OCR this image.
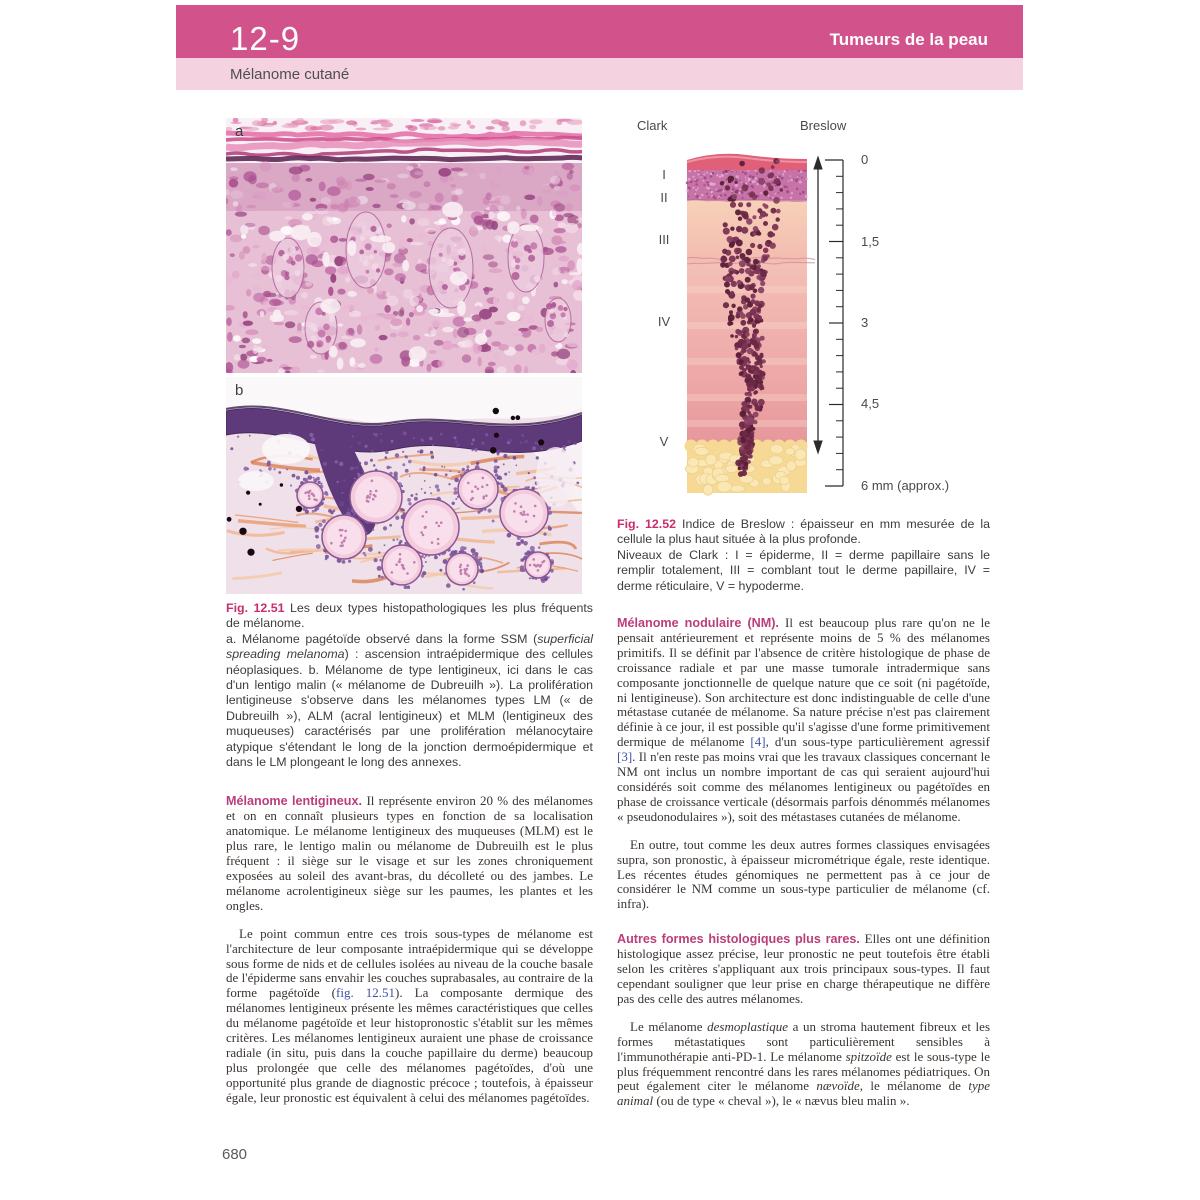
12-9	Tumeurs de la peau
Mélanome cutané
a
b

Fig. 12.51 Les deux types histopathologiques les plus fréquents de mélanome.

a. Mélanome pagétoïde observé dans la forme SSM (superficial spreading melanoma) : ascension intraépidermique des cellules néoplasiques. b. Mélanome de type lentigineux, ici dans le cas d'un lentigo malin (« mélanome de Dubreuilh »). La prolifération lentigineuse s'observe dans les mélanomes types LM (« de Dubreuilh »), ALM (acral lentigineux) et MLM (lentigineux des muqueuses) caractérisés par une prolifération mélanocytaire atypique s'étendant le long de la jonction dermoépidermique et dans le LM plongeant le long des annexes.

Mélanome lentigineux. Il représente environ 20 % des mélanomes et on en connaît plusieurs types en fonction de sa localisation anatomique. Le mélanome lentigineux des muqueuses (MLM) est le plus rare, le lentigo malin ou mélanome de Dubreuilh est le plus fréquent : il siège sur le visage et sur les zones chroniquement exposées au soleil des avant-bras, du décolleté ou des jambes. Le mélanome acrolentigineux siège sur les paumes, les plantes et les ongles.

Le point commun entre ces trois sous-types de mélanome est l'architecture de leur composante intraépidermique qui se développe sous forme de nids et de cellules isolées au niveau de la couche basale de l'épiderme sans envahir les couches suprabasales, au contraire de la forme pagétoïde (fig. 12.51). La composante dermique des mélanomes lentigineux présente les mêmes caractéristiques que celles du mélanome pagétoïde et leur histopronostic s'établit sur les mêmes critères. Les mélanomes lentigineux auraient une phase de croissance radiale (in situ, puis dans la couche papillaire du derme) beaucoup plus prolongée que celle des mélanomes pagétoïdes, d'où une opportunité plus grande de diagnostic précoce ; toutefois, à épaisseur égale, leur pronostic est équivalent à celui des mélanomes pagétoïdes.

Clark	Breslow
I
II
III
IV
V
0
1,5
3
4,5
6 mm (approx.)

Fig. 12.52 Indice de Breslow : épaisseur en mm mesurée de la cellule la plus haut située à la plus profonde.

Niveaux de Clark : I = épiderme, II = derme papillaire sans le remplir totalement, III = comblant tout le derme papillaire, IV = derme réticulaire, V = hypoderme.

Mélanome nodulaire (NM). Il est beaucoup plus rare qu'on ne le pensait antérieurement et représente moins de 5 % des mélanomes primitifs. Il se définit par l'absence de critère histologique de phase de croissance radiale et par une masse tumorale intradermique sans composante jonctionnelle de quelque nature que ce soit (ni pagétoïde, ni lentigineuse). Son architecture est donc indistinguable de celle d'une métastase cutanée de mélanome. Sa nature précise n'est pas clairement définie à ce jour, il est possible qu'il s'agisse d'une forme primitivement dermique de mélanome [4], d'un sous-type particulièrement agressif [3]. Il n'en reste pas moins vrai que les travaux classiques concernant le NM ont inclus un nombre important de cas qui seraient aujourd'hui considérés soit comme des mélanomes lentigineux ou pagétoïdes en phase de croissance verticale (désormais parfois dénommés mélanomes « pseudonodulaires »), soit des métastases cutanées de mélanome.

En outre, tout comme les deux autres formes classiques envisagées supra, son pronostic, à épaisseur micrométrique égale, reste identique. Les récentes études génomiques ne permettent pas à ce jour de considérer le NM comme un sous-type particulier de mélanome (cf. infra).

Autres formes histologiques plus rares. Elles ont une définition histologique assez précise, leur pronostic ne peut toutefois être établi selon les critères s'appliquant aux trois principaux sous-types. Il faut cependant souligner que leur prise en charge thérapeutique ne diffère pas des celle des autres mélanomes.

Le mélanome desmoplastique a un stroma hautement fibreux et les formes métastatiques sont particulièrement sensibles à l'immunothérapie anti-PD-1. Le mélanome spitzoïde est le sous-type le plus fréquemment rencontré dans les rares mélanomes pédiatriques. On peut également citer le mélanome nævoïde, le mélanome de type animal (ou de type « cheval »), le « nævus bleu malin ».

680
